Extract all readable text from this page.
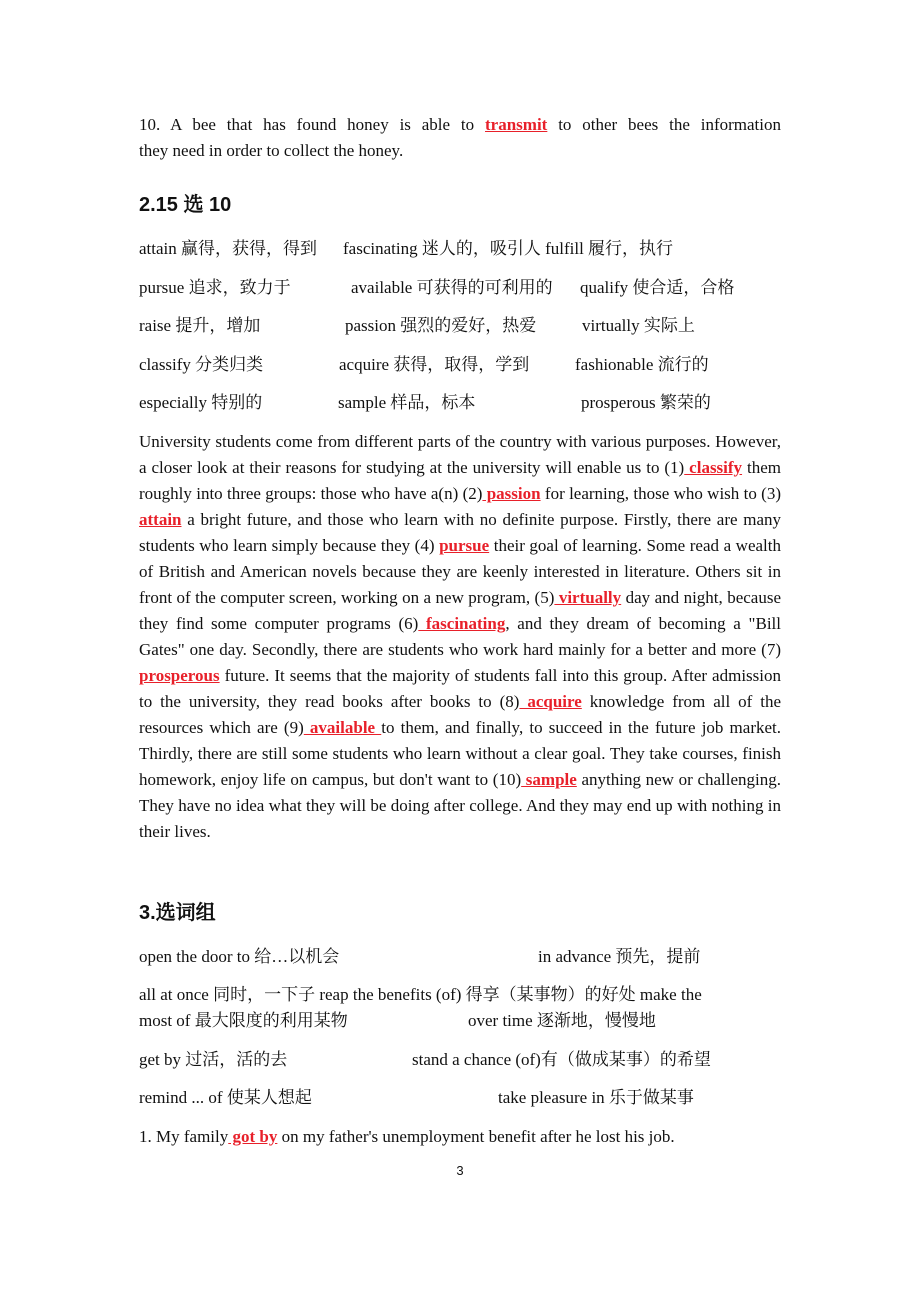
10. A bee that has found honey is able to transmit to other bees the information
they need in order to collect the honey.
2.15 选 10
attain 赢得，获得，得到 fascinating 迷人的，吸引人 fulfill 履行，执行
pursue 追求，致力于	available 可获得的可利用的 qualify 使合适，合格
raise 提升，增加	passion 强烈的爱好，热爱	virtually 实际上
classify 分类归类	acquire 获得，取得，学到	fashionable 流行的
especially 特别的	sample 样品，标本	prosperous 繁荣的
University students come from different parts of the country with various purposes. However, a closer look at their reasons for studying at the university will enable us to (1) classify them roughly into three groups: those who have a(n) (2) passion for learning, those who wish to (3) attain a bright future, and those who learn with no definite purpose. Firstly, there are many students who learn simply because they (4) pursue their goal of learning. Some read a wealth of British and American novels because they are keenly interested in literature. Others sit in front of the computer screen, working on a new program, (5) virtually day and night, because they find some computer programs (6) fascinating, and they dream of becoming a "Bill Gates" one day. Secondly, there are students who work hard mainly for a better and more (7) prosperous future. It seems that the majority of students fall into this group. After admission to the university, they read books after books to (8) acquire knowledge from all of the resources which are (9) available to them, and finally, to succeed in the future job market. Thirdly, there are still some students who learn without a clear goal. They take courses, finish homework, enjoy life on campus, but don't want to (10) sample anything new or challenging. They have no idea what they will be doing after college. And they may end up with nothing in their lives.
3.选词组
open the door to 给…以机会	in advance 预先，提前
all at once 同时，一下子 reap the benefits (of) 得享（某事物）的好处 make the
most of 最大限度的利用某物	over time 逐渐地，慢慢地
get by 过活，活的去	stand a chance (of)有（做成某事）的希望
remind ... of 使某人想起	take pleasure in 乐于做某事
1. My family got by on my father's unemployment benefit after he lost his job.
3
